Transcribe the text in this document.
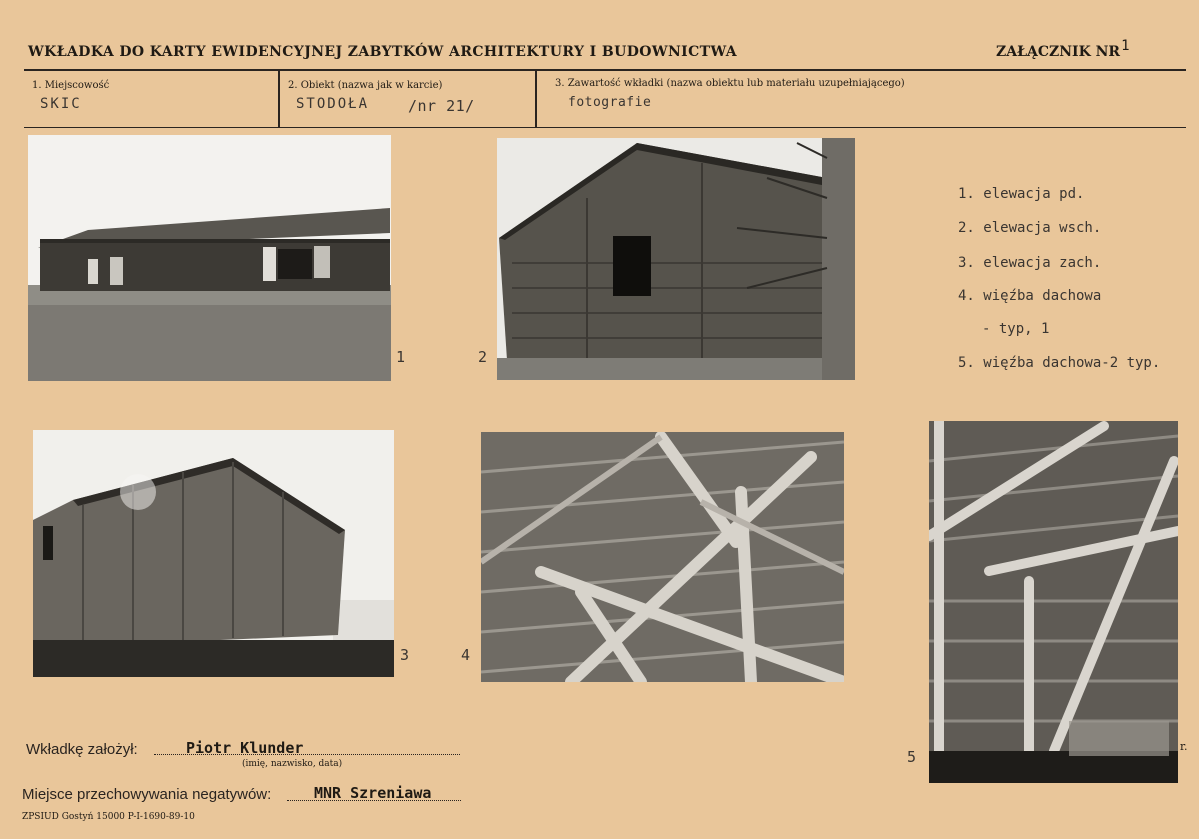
WKŁADKA DO KARTY EWIDENCYJNEJ ZABYTKÓW ARCHITEKTURY I BUDOWNICTWA	ZAŁĄCZNIK NR1
1. Miejscowość
SKIC
2. Obiekt (nazwa jak w karcie)
STODOŁA	/nr 21/
3. Zawartość wkładki (nazwa obiektu lub materiału uzupełniającego)
fotografie
1	2
3	4
5
1. elewacja pd.
2. elewacja wsch.
3. elewacja zach.
4. więźba dachowa
- typ, 1
5. więźba dachowa-2 typ.
Wkładkę założył:	Piotr Klunder
(imię, nazwisko, data)
Miejsce przechowywania negatywów:	MNR Szreniawa
ZPSIUD Gostyń 15000 P-I-1690-89-10
r.
